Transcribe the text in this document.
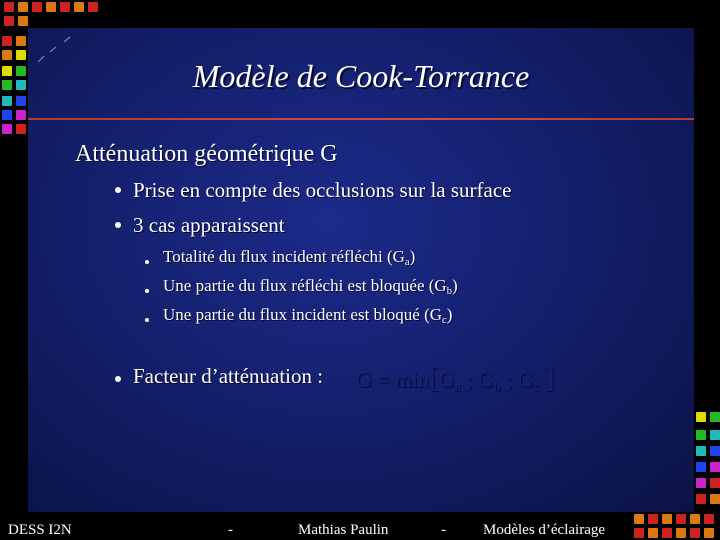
Modèle de Cook-Torrance
Atténuation géométrique G
Prise en compte des occlusions sur la surface
3 cas apparaissent
Totalité du flux incident réfléchi $(G_a)$
Une partie du flux réfléchi est bloquée $(G_b)$
Une partie du flux incident est bloqué $(G_c)$
Facteur d’atténuation : $G = \min[G_a$ ; $G_b$ ; $G_c$ ]
DESS I2N	-	Mathias Paulin	- Modèles d’éclairage
